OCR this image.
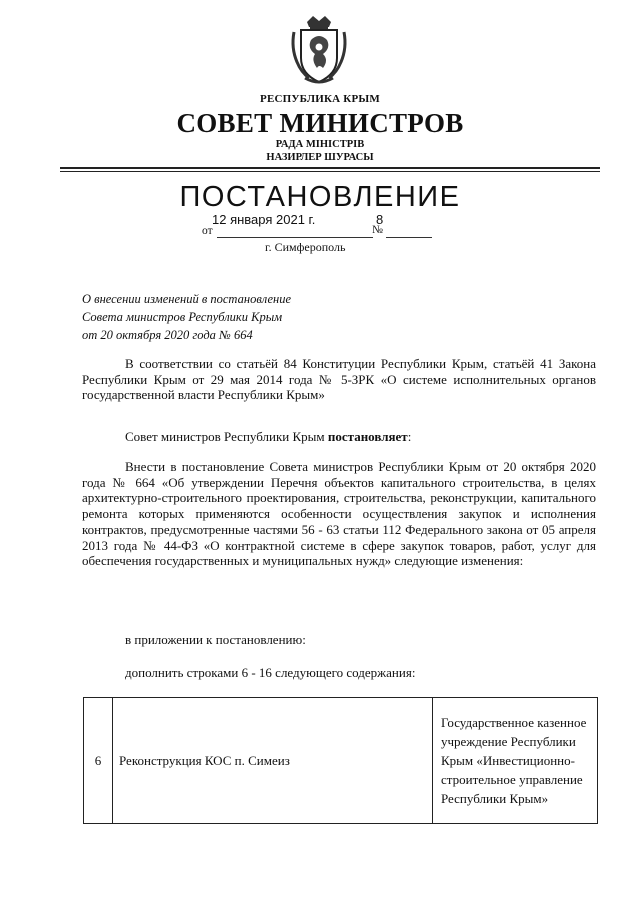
РЕСПУБЛИКА КРЫМ
СОВЕТ МИНИСТРОВ
РАДА МІНІСТРІВ
НАЗИРЛЕР ШУРАСЫ
ПОСТАНОВЛЕНИЕ
12 января 2021 г.	8
от	№
г. Симферополь
О внесении изменений в постановление
Совета министров Республики Крым
от 20 октября 2020 года № 664
В соответствии со статьёй 84 Конституции Республики Крым, статьёй 41 Закона Республики Крым от 29 мая 2014 года № 5-ЗРК «О системе исполнительных органов государственной власти Республики Крым»
Совет министров Республики Крым постановляет:
Внести в постановление Совета министров Республики Крым от 20 октября 2020 года № 664 «Об утверждении Перечня объектов капитального строительства, в целях архитектурно-строительного проектирования, строительства, реконструкции, капитального ремонта которых применяются особенности осуществления закупок и исполнения контрактов, предусмотренные частями 56 - 63 статьи 112 Федерального закона от 05 апреля 2013 года № 44-ФЗ «О контрактной системе в сфере закупок товаров, работ, услуг для обеспечения государственных и муниципальных нужд» следующие изменения:
в приложении к постановлению:
дополнить строками 6 - 16 следующего содержания:
6	Реконструкция КОС п. Симеиз	Государственное казенное учреждение Республики Крым «Инвестиционно-строительное управление Республики Крым»
